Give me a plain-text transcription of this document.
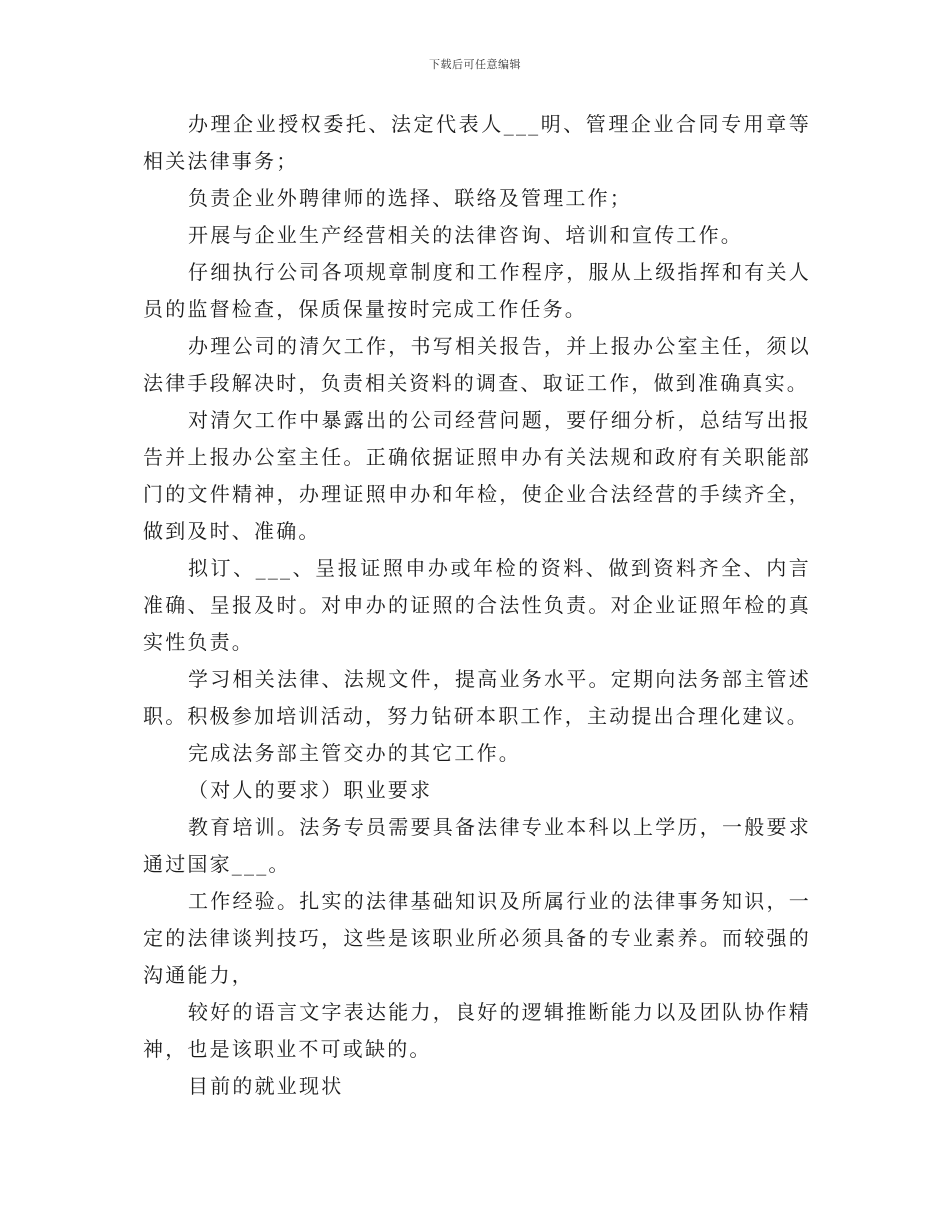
下载后可任意编辑

办理企业授权委托、法定代表人___明、管理企业合同专用章等相关法律事务；

负责企业外聘律师的选择、联络及管理工作；

开展与企业生产经营相关的法律咨询、培训和宣传工作。

仔细执行公司各项规章制度和工作程序，服从上级指挥和有关人员的监督检查，保质保量按时完成工作任务。

办理公司的清欠工作，书写相关报告，并上报办公室主任，须以法律手段解决时，负责相关资料的调查、取证工作，做到准确真实。

对清欠工作中暴露出的公司经营问题，要仔细分析，总结写出报告并上报办公室主任。正确依据证照申办有关法规和政府有关职能部门的文件精神，办理证照申办和年检，使企业合法经营的手续齐全，做到及时、准确。

拟订、___、呈报证照申办或年检的资料、做到资料齐全、内言准确、呈报及时。对申办的证照的合法性负责。对企业证照年检的真实性负责。

学习相关法律、法规文件，提高业务水平。定期向法务部主管述职。积极参加培训活动，努力钻研本职工作，主动提出合理化建议。

完成法务部主管交办的其它工作。

（对人的要求）职业要求

教育培训。法务专员需要具备法律专业本科以上学历，一般要求通过国家___。

工作经验。扎实的法律基础知识及所属行业的法律事务知识，一定的法律谈判技巧，这些是该职业所必须具备的专业素养。而较强的沟通能力，

较好的语言文字表达能力，良好的逻辑推断能力以及团队协作精神，也是该职业不可或缺的。

目前的就业现状
